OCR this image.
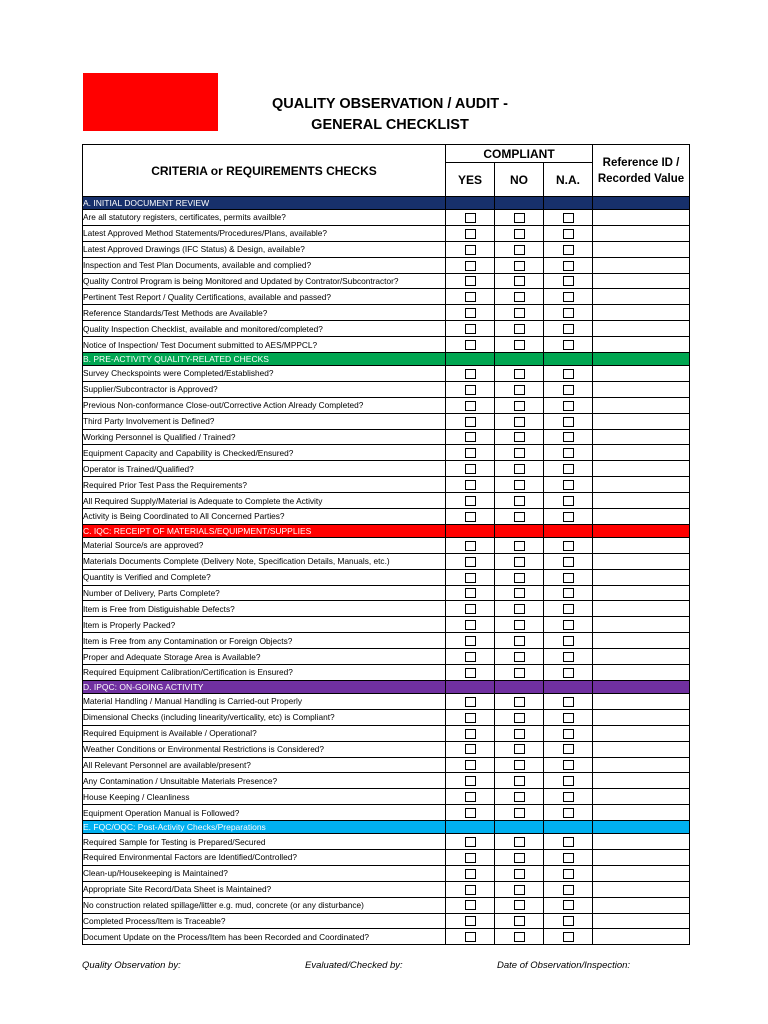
QUALITY OBSERVATION / AUDIT -
GENERAL CHECKLIST
CRITERIA or REQUIREMENTS CHECKS	COMPLIANT			Reference ID /
Recorded Value
	YES	NO	N.A.	
A. INITIAL DOCUMENT REVIEW				
Are all statutory registers, certificates, permits availble?				
Latest Approved Method Statements/Procedures/Plans, available?				
Latest Approved Drawings (IFC Status) & Design, available?				
Inspection and Test Plan Documents, available and complied?				
Quality Control Program is being Monitored and Updated by Contrator/Subcontractor?				
Pertinent Test Report / Quality Certifications, available and passed?				
Reference Standards/Test Methods are Available?				
Quality Inspection Checklist, available and monitored/completed?				
Notice of Inspection/ Test Document submitted to AES/MPPCL?				
B. PRE-ACTIVITY QUALITY-RELATED CHECKS				
Survey Checkspoints were Completed/Established?				
Supplier/Subcontractor is Approved?				
Previous Non-conformance Close-out/Corrective Action Already Completed?				
Third Party Involvement is Defined?				
Working Personnel is Qualified / Trained?				
Equipment Capacity and Capability is Checked/Ensured?				
Operator is Trained/Qualified?				
Required Prior Test Pass the Requirements?				
All Required Supply/Material is Adequate to Complete the Activity				
Activity is Being Coordinated to All Concerned Parties?				
C. IQC: RECEIPT OF MATERIALS/EQUIPMENT/SUPPLIES				
Material Source/s are approved?				
Materials Documents Complete (Delivery Note, Specification Details, Manuals, etc.)				
Quantity is Verified and Complete?				
Number of Delivery, Parts Complete?				
Item is Free from Distiguishable Defects?				
Item is Properly Packed?				
Item is Free from any Contamination or Foreign Objects?				
Proper and Adequate Storage Area is Available?				
Required Equipment Calibration/Certification is Ensured?				
D. IPQC: ON-GOING ACTIVITY				
Material Handling / Manual Handling is Carried-out Properly				
Dimensional Checks (including linearity/verticality, etc) is Compliant?				
Required Equipment is Available / Operational?				
Weather Conditions or Environmental Restrictions is Considered?				
All Relevant Personnel are available/present?				
Any Contamination / Unsuitable Materials Presence?				
House Keeping / Cleanliness				
Equipment Operation Manual is Followed?				
E. FQC/OQC: Post-Activity Checks/Preparations				
Required Sample for Testing is Prepared/Secured				
Required Environmental Factors are Identified/Controlled?				
Clean-up/Housekeeping is Maintained?				
Appropriate Site Record/Data Sheet is Maintained?				
No construction related spillage/litter e.g. mud, concrete (or any disturbance)				
Completed Process/Item is Traceable?				
Document Update on the Process/Item has been Recorded and Coordinated?				
Quality Observation by:	Evaluated/Checked by:	Date of Observation/Inspection:
